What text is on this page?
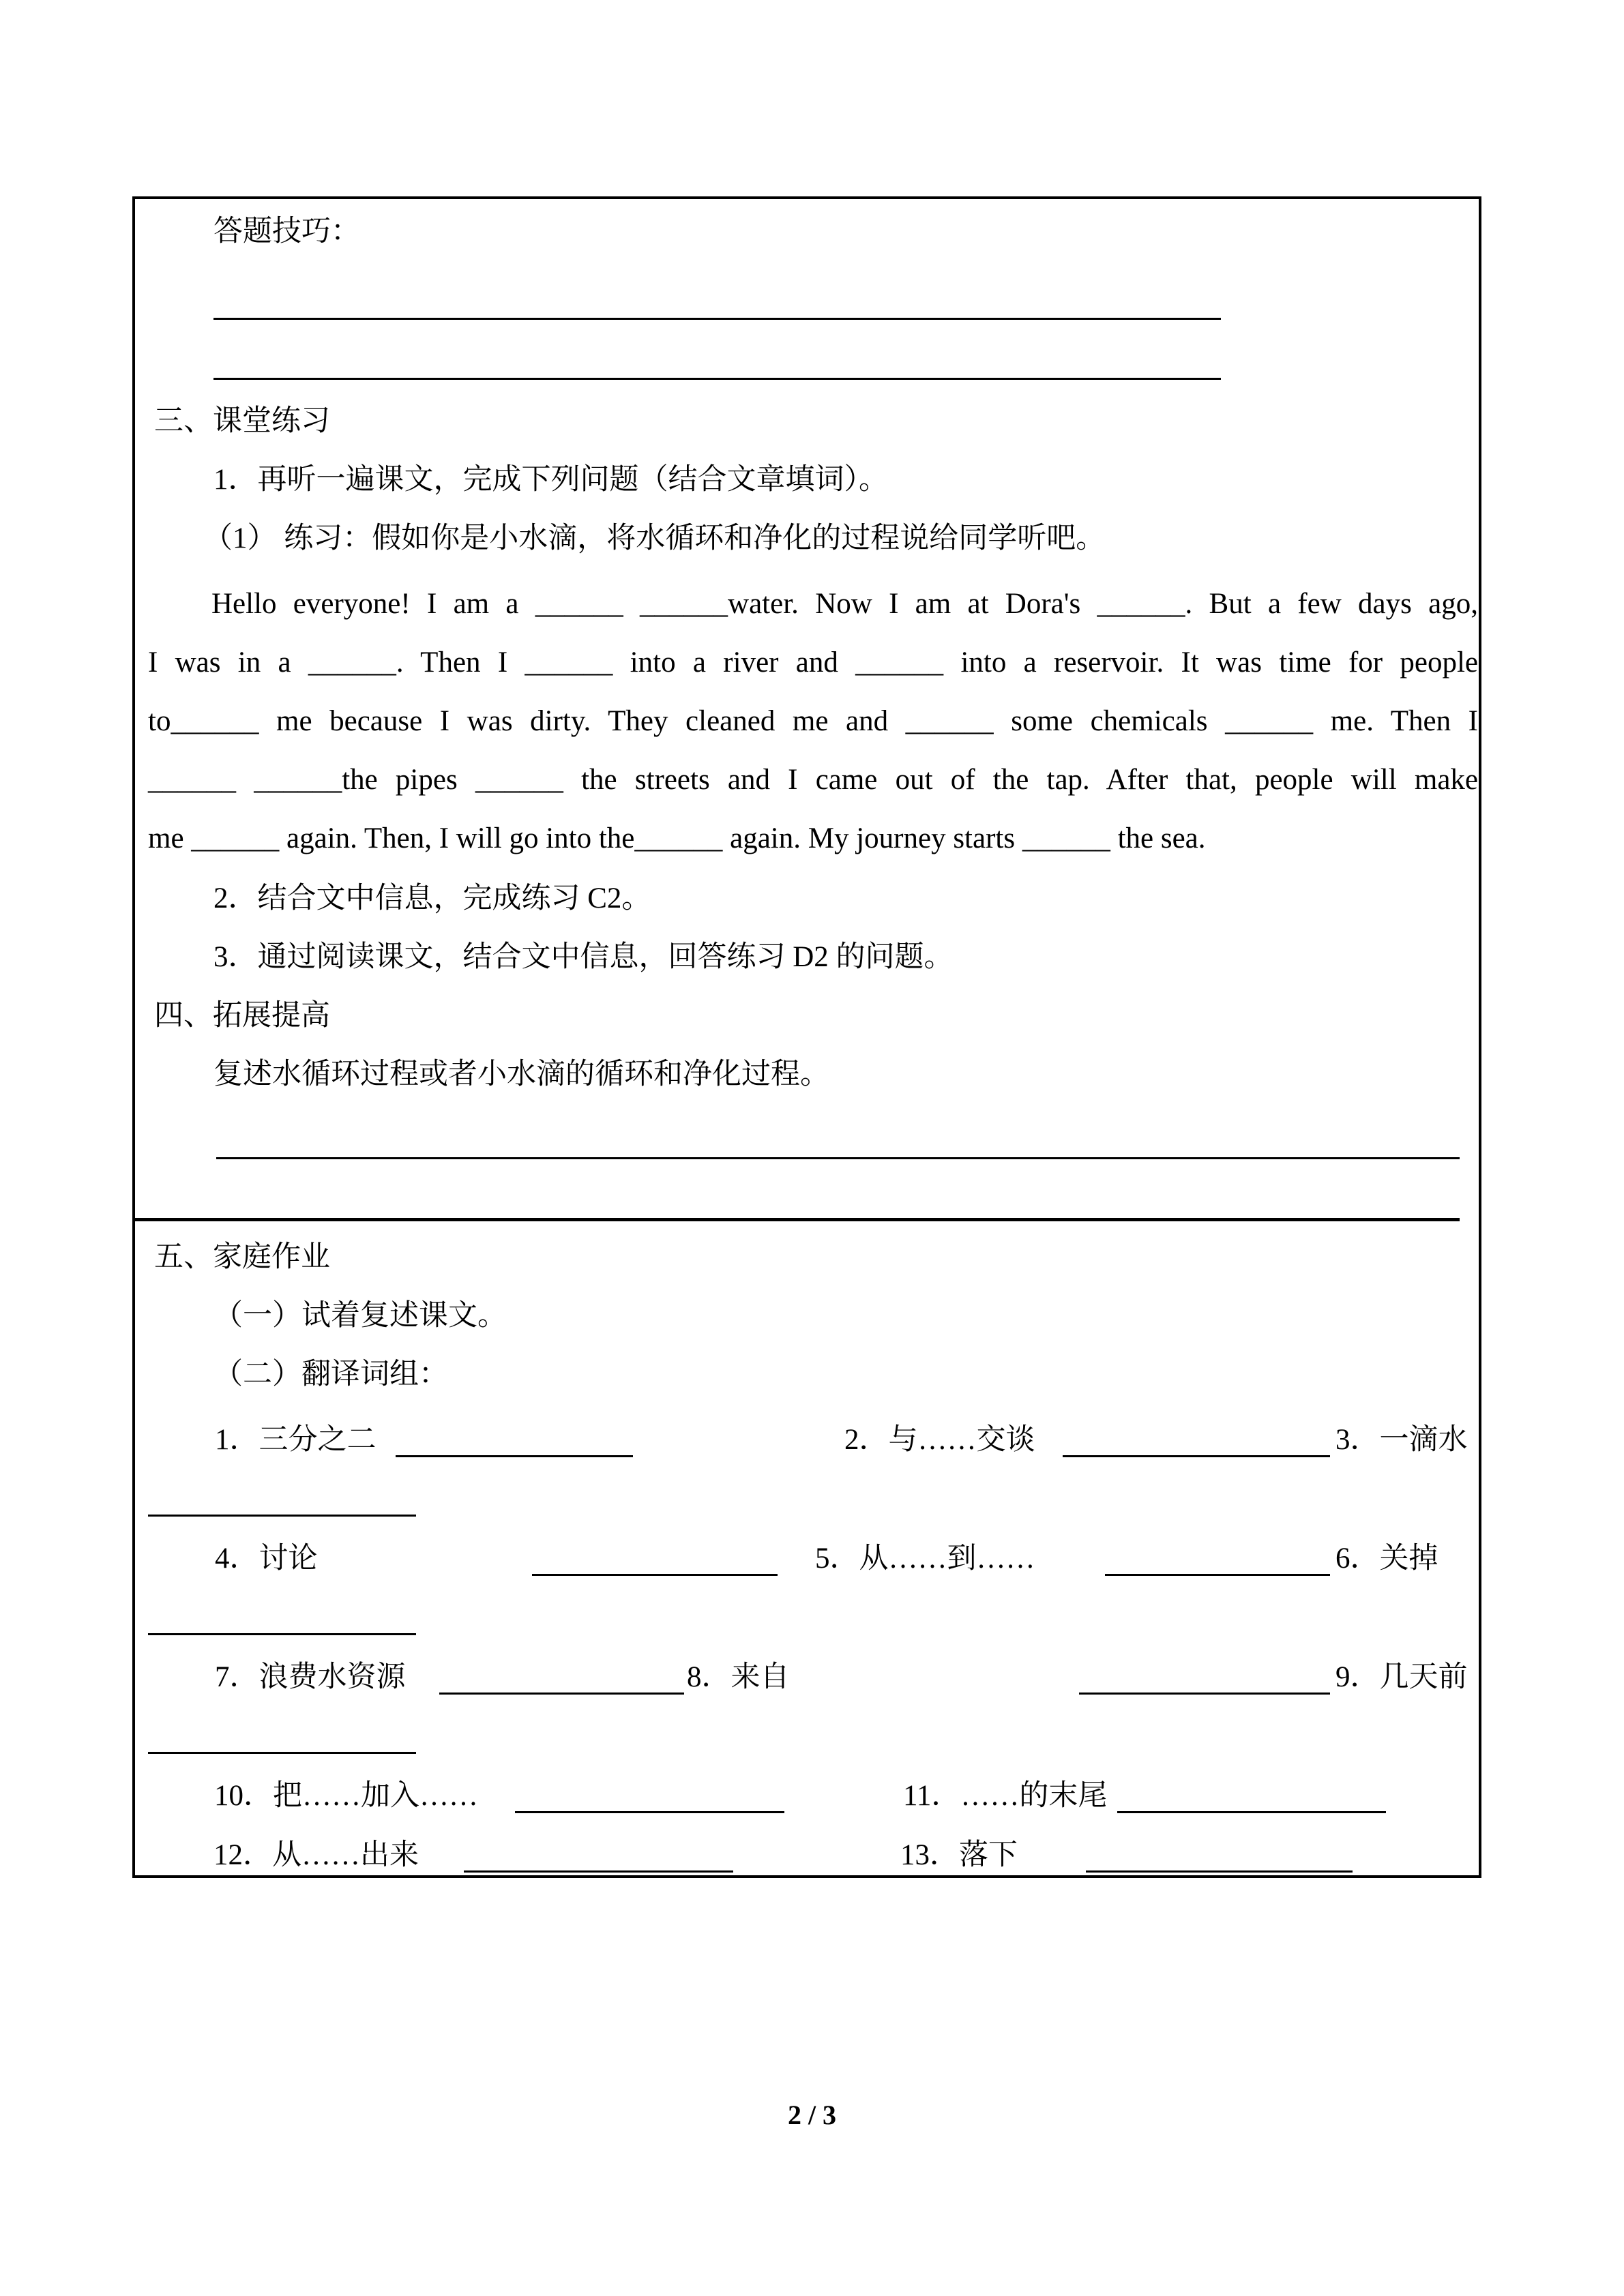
答题技巧：
三、课堂练习
1．再听一遍课文，完成下列问题（结合文章填词）。
（1） 练习：假如你是小水滴，将水循环和净化的过程说给同学听吧。
Hello everyone! I am a ______ ______water. Now I am at Dora's ______. But a few days ago,
I was in a ______. Then I ______ into a river and ______ into a reservoir. It was time for people
to______ me because I was dirty. They cleaned me and ______ some chemicals ______ me. Then I
______ ______the pipes ______ the streets and I came out of the tap. After that, people will make
me ______ again. Then, I will go into the______ again. My journey starts ______ the sea.
2．结合文中信息，完成练习 C2。
3．通过阅读课文，结合文中信息，回答练习 D2 的问题。
四、拓展提高
复述水循环过程或者小水滴的循环和净化过程。
五、家庭作业
（一）试着复述课文。
（二）翻译词组：
1．三分之二	2．与……交谈	3．一滴水
4．讨论	5．从……到……	6．关掉
7．浪费水资源	8．来自	9．几天前
10．把……加入……	11．……的末尾
12．从……出来	13．落下
2 / 3
